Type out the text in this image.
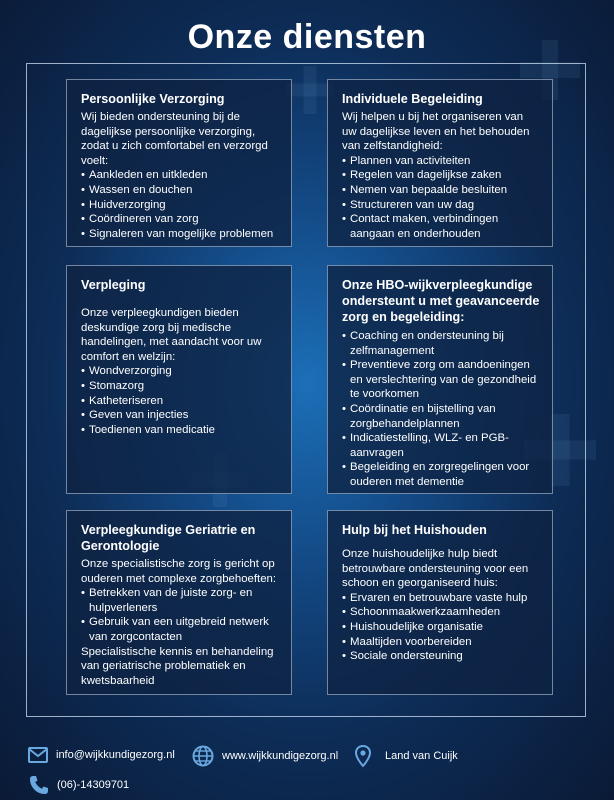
Onze diensten
Persoonlijke Verzorging

Wij bieden ondersteuning bij de dagelijkse persoonlijke verzorging, zodat u zich comfortabel en verzorgd voelt:

• Aankleden en uitkleden
• Wassen en douchen
• Huidverzorging
• Coördineren van zorg
• Signaleren van mogelijke problemen
Individuele Begeleiding

Wij helpen u bij het organiseren van uw dagelijkse leven en het behouden van zelfstandigheid:

• Plannen van activiteiten
• Regelen van dagelijkse zaken
• Nemen van bepaalde besluiten
• Structureren van uw dag
• Contact maken, verbindingen aangaan en onderhouden
Verpleging

Onze verpleegkundigen bieden deskundige zorg bij medische handelingen, met aandacht voor uw comfort en welzijn:

• Wondverzorging
• Stomazorg
• Katheteriseren
• Geven van injecties
• Toedienen van medicatie
Onze HBO-wijkverpleegkundige ondersteunt u met geavanceerde zorg en begeleiding:
• Coaching en ondersteuning bij zelfmanagement
• Preventieve zorg om aandoeningen en verslechtering van de gezondheid te voorkomen
• Coördinatie en bijstelling van zorgbehandelplannen
• Indicatiestelling, WLZ- en PGB-aanvragen
• Begeleiding en zorgregelingen voor ouderen met dementie
Verpleegkundige Geriatrie en Gerontologie

Onze specialistische zorg is gericht op ouderen met complexe zorgbehoeften:

• Betrekken van de juiste zorg- en hulpverleners
• Gebruik van een uitgebreid netwerk van zorgcontacten

Specialistische kennis en behandeling van geriatrische problematiek en kwetsbaarheid

Hulp bij het Huishouden

Onze huishoudelijke hulp biedt betrouwbare ondersteuning voor een schoon en georganiseerd huis:

• Ervaren en betrouwbare vaste hulp
• Schoonmaakwerkzaamheden
• Huishoudelijke organisatie
• Maaltijden voorbereiden
• Sociale ondersteuning
info@wijkkundigezorg.nl	www.wijkkundigezorg.nl	Land van Cuijk
(06)-14309701
